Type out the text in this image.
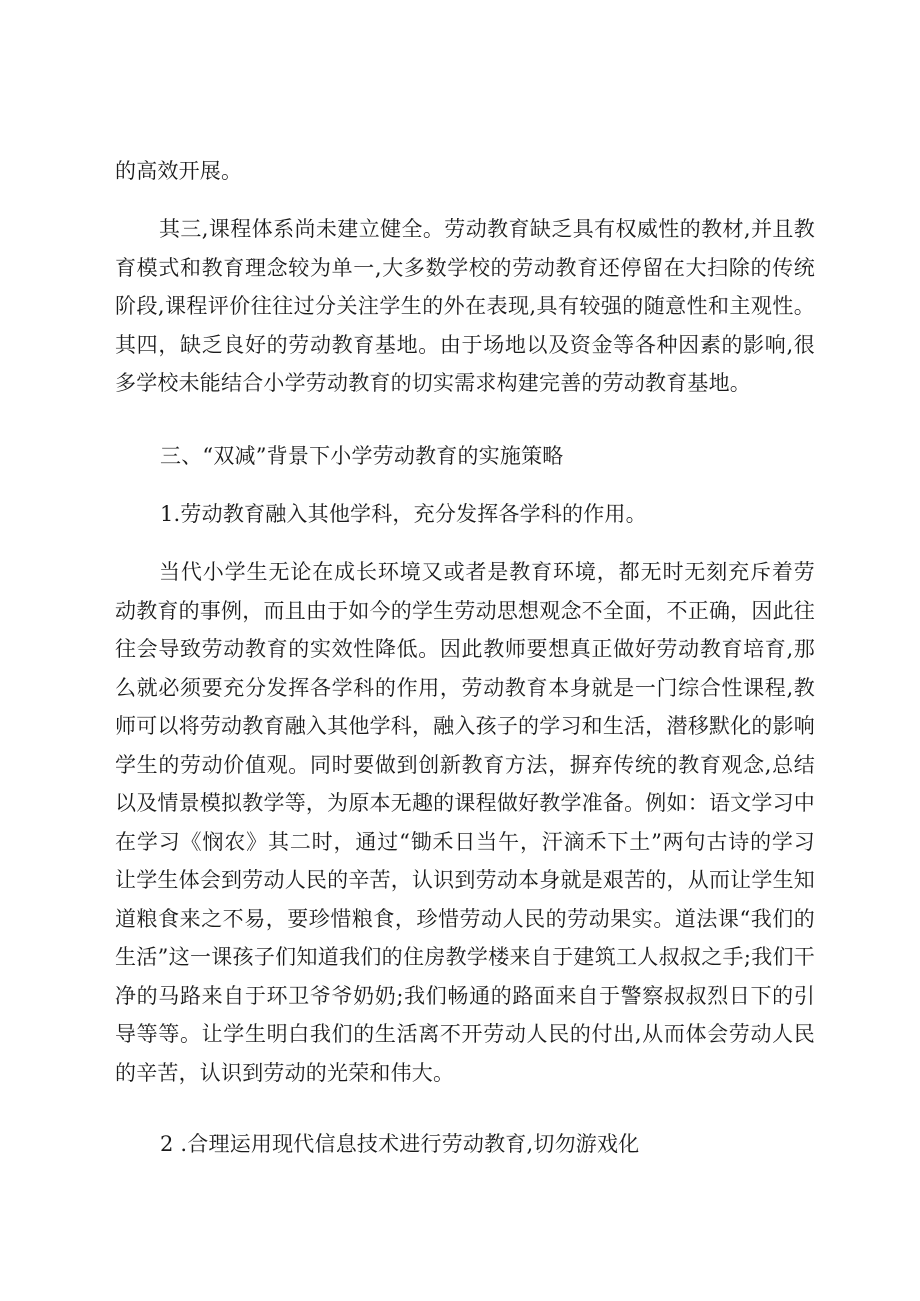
的高效开展。

其三,课程体系尚未建立健全。劳动教育缺乏具有权威性的教材,并且教育模式和教育理念较为单一,大多数学校的劳动教育还停留在大扫除的传统阶段,课程评价往往过分关注学生的外在表现,具有较强的随意性和主观性。其四，缺乏良好的劳动教育基地。由于场地以及资金等各种因素的影响,很多学校未能结合小学劳动教育的切实需求构建完善的劳动教育基地。

三、“双减”背景下小学劳动教育的实施策略

1.劳动教育融入其他学科，充分发挥各学科的作用。

当代小学生无论在成长环境又或者是教育环境，都无时无刻充斥着劳动教育的事例，而且由于如今的学生劳动思想观念不全面，不正确，因此往往会导致劳动教育的实效性降低。因此教师要想真正做好劳动教育培育,那么就必须要充分发挥各学科的作用，劳动教育本身就是一门综合性课程,教师可以将劳动教育融入其他学科，融入孩子的学习和生活，潜移默化的影响学生的劳动价值观。同时要做到创新教育方法，摒弃传统的教育观念,总结以及情景模拟教学等，为原本无趣的课程做好教学准备。例如：语文学习中在学习《悯农》其二时，通过“锄禾日当午，汗滴禾下土”两句古诗的学习让学生体会到劳动人民的辛苦，认识到劳动本身就是艰苦的，从而让学生知道粮食来之不易，要珍惜粮食，珍惜劳动人民的劳动果实。道法课“我们的生活”这一课孩子们知道我们的住房教学楼来自于建筑工人叔叔之手;我们干净的马路来自于环卫爷爷奶奶;我们畅通的路面来自于警察叔叔烈日下的引导等等。让学生明白我们的生活离不开劳动人民的付出,从而体会劳动人民的辛苦，认识到劳动的光荣和伟大。

2 .合理运用现代信息技术进行劳动教育,切勿游戏化
